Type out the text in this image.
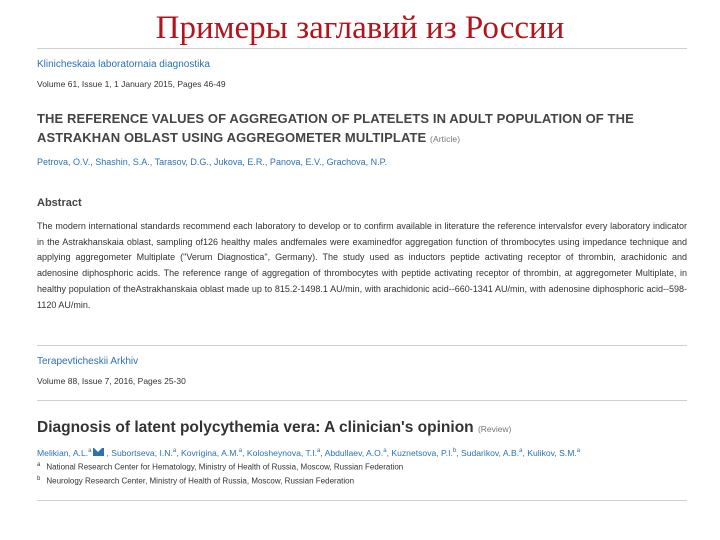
Примеры заглавий из России
Klinicheskaia laboratornaia diagnostika
Volume 61, Issue 1, 1 January 2015, Pages 46-49
THE REFERENCE VALUES OF AGGREGATION OF PLATELETS IN ADULT POPULATION OF THE ASTRAKHAN OBLAST USING AGGREGOMETER MULTIPLATE (Article)
Petrova, O.V., Shashin, S.A., Tarasov, D.G., Jukova, E.R., Panova, E.V., Grachova, N.P.
Abstract
The modern international standards recommend each laboratory to develop or to confirm available in literature the reference intervalsfor every laboratory indicator in the Astrakhanskaia oblast, sampling of126 healthy males andfemales were examinedfor aggregation function of thrombocytes using impedance technique and applying aggregometer Multiplate ("Verum Diagnostica", Germany). The study used as inductors peptide activating receptor of thrombin, arachidonic and adenosine diphosphoric acids. The reference range of aggregation of thrombocytes with peptide activating receptor of thrombin, at aggregometer Multiplate, in healthy population of theAstrakhanskaia oblast made up to 815.2-1498.1 AU/min, with arachidonic acid--660-1341 AU/min, with adenosine diphosphoric acid--598-1120 AU/min.
Terapevticheskii Arkhiv
Volume 88, Issue 7, 2016, Pages 25-30
Diagnosis of latent polycythemia vera: A clinician's opinion (Review)
Melikian, A.L.$^a$ , Subortseva, I.N.$^a$, Kovrigina, A.M.$^a$, Kolosheynova, T.I.$^a$, Abdullaev, A.O.$^a$, Kuznetsova, P.I.$^b$, Sudarikov, A.B.$^a$, Kulikov, S.M.$^a$
$^a$ National Research Center for Hematology, Ministry of Health of Russia, Moscow, Russian Federation
$^b$ Neurology Research Center, Ministry of Health of Russia, Moscow, Russian Federation
